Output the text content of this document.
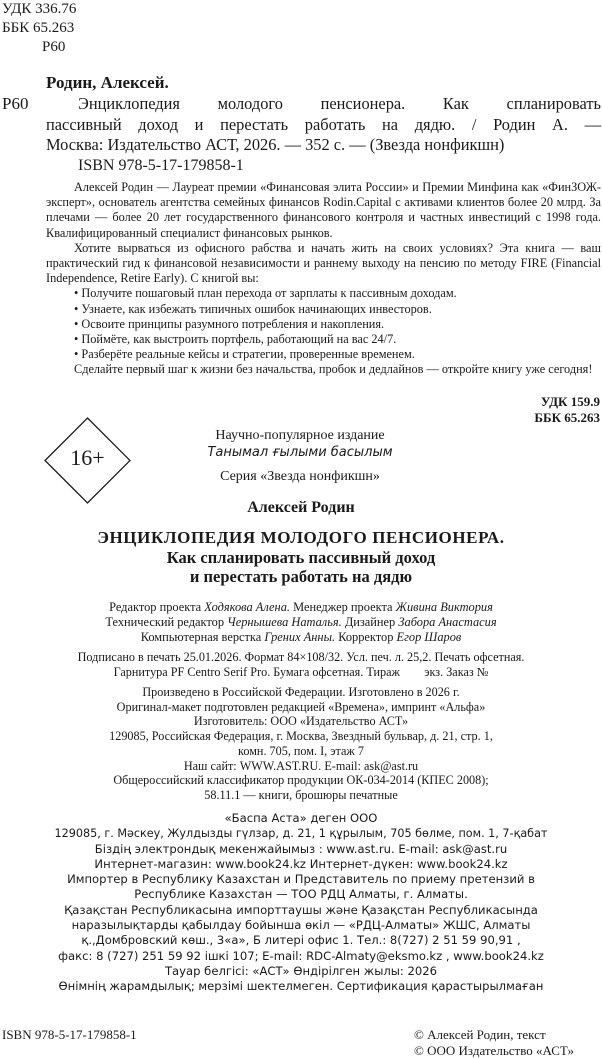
УДК 336.76
ББК 65.263
Р60
Родин, Алексей.
Р60	Энциклопедия молодого пенсионера. Как спланировать
пассивный доход и перестать работать на дядю. / Родин А. —
Москва: Издательство АСТ, 2026. — 352 с. — (Звезда нонфикшн)
ISBN 978-5-17-179858-1

Алексей Родин — Лауреат премии «Финансовая элита России» и Премии Минфина как «ФинЗОЖ-эксперт», основатель агентства семейных финансов Rodin.Capital с активами клиентов более 20 млрд. За плечами — более 20 лет государственного финансового контроля и частных инвестиций с 1998 года. Квалифицированный специалист финансовых рынков.

Хотите вырваться из офисного рабства и начать жить на своих условиях? Эта книга — ваш практический гид к финансовой независимости и раннему выходу на пенсию по методу FIRE (Financial Independence, Retire Early). С книгой вы:

• Получите пошаговый план перехода от зарплаты к пассивным доходам.
• Узнаете, как избежать типичных ошибок начинающих инвесторов.
• Освоите принципы разумного потребления и накопления.
• Поймёте, как выстроить портфель, работающий на вас 24/7.
• Разберёте реальные кейсы и стратегии, проверенные временем.

Сделайте первый шаг к жизни без начальства, пробок и дедлайнов — откройте книгу уже сегодня!

УДК 159.9
ББК 65.263
16+
Научно-популярное издание
Танымал ғылыми басылым
Серия «Звезда нонфикшн»
Алексей Родин
ЭНЦИКЛОПЕДИЯ МОЛОДОГО ПЕНСИОНЕРА.
Как спланировать пассивный доход
и перестать работать на дядю
Редактор проекта Ходякова Алена. Менеджер проекта Живина Виктория
Технический редактор Чернышева Наталья. Дизайнер Забора Анастасия
Компьютерная верстка Грених Анны. Корректор Егор Шаров
Подписано в печать 25.01.2026. Формат 84×108/32. Усл. печ. л. 25,2. Печать офсетная.
Гарнитура PF Centro Serif Pro. Бумага офсетная. Тираж        экз. Заказ №
Произведено в Российской Федерации. Изготовлено в 2026 г.
Оригинал-макет подготовлен редакцией «Времена», импринт «Альфа»
Изготовитель: ООО «Издательство АСТ»
129085, Российская Федерация, г. Москва, Звездный бульвар, д. 21, стр. 1,
комн. 705, пом. I, этаж 7
Наш сайт: WWW.AST.RU. E-mail: ask@ast.ru
Общероссийский классификатор продукции ОК-034-2014 (КПЕС 2008);
58.11.1 — книги, брошюры печатные
«Баспа Аста» деген ООО
129085, г. Мәскеу, Жулдызды гүлзар, д. 21, 1 құрылым, 705 бөлме, пом. 1, 7-қабат
Біздің электрондық мекенжайымыз : www.ast.ru. E-mail: ask@ast.ru
Интернет-магазин: www.book24.kz Интернет-дүкен: www.book24.kz
Импортер в Республику Казахстан и Представитель по приему претензий в
Республике Казахстан — ТОО РДЦ Алматы, г. Алматы.
Қазақстан Республикасына импорттаушы және Қазақстан Республикасында
наразылықтарды қабылдау бойынша өкіл — «РДЦ-Алматы» ЖШС, Алматы
қ.,Домбровский көш., 3«а», Б литері офис 1. Тел.: 8(727) 2 51 59 90,91 ,
факс: 8 (727) 251 59 92 ішкі 107; E-mail: RDC-Almaty@eksmo.kz , www.book24.kz
Тауар белгісі: «АСТ» Өндірілген жылы: 2026
Өнімнің жарамдылық; мерзімі шектелмеген. Сертификация қарастырылмаған
ISBN 978-5-17-179858-1	© Алексей Родин, текст
© ООО Издательство «АСТ»
